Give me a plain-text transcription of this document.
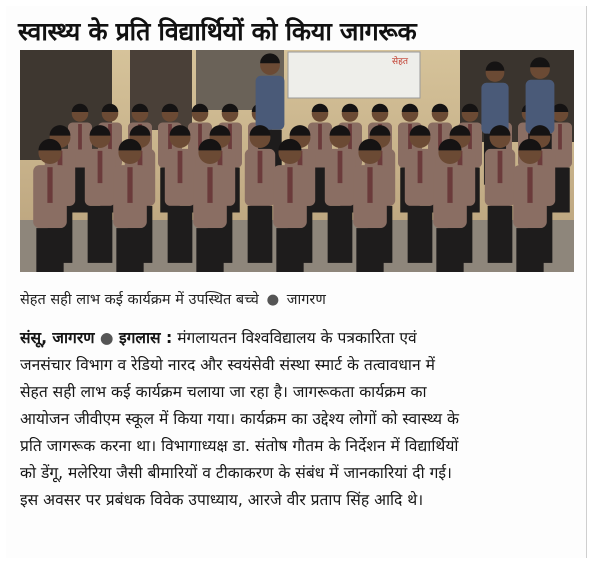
स्वास्थ्य के प्रति विद्यार्थियों को किया जागरूक
सेहत
सेहत सही लाभ कई कार्यक्रम में उपस्थित बच्चे ● जागरण
संसू, जागरण ● इगलास : मंगलायतन विश्वविद्यालय के पत्रकारिता एवं
जनसंचार विभाग व रेडियो नारद और स्वयंसेवी संस्था स्मार्ट के तत्वावधान में
सेहत सही लाभ कई कार्यक्रम चलाया जा रहा है। जागरूकता कार्यक्रम का
आयोजन जीवीएम स्कूल में किया गया। कार्यक्रम का उद्देश्य लोगों को स्वास्थ्य के
प्रति जागरूक करना था। विभागाध्यक्ष डा. संतोष गौतम के निर्देशन में विद्यार्थियों
को डेंगू, मलेरिया जैसी बीमारियों व टीकाकरण के संबंध में जानकारियां दी गई।
इस अवसर पर प्रबंधक विवेक उपाध्याय, आरजे वीर प्रताप सिंह आदि थे।
